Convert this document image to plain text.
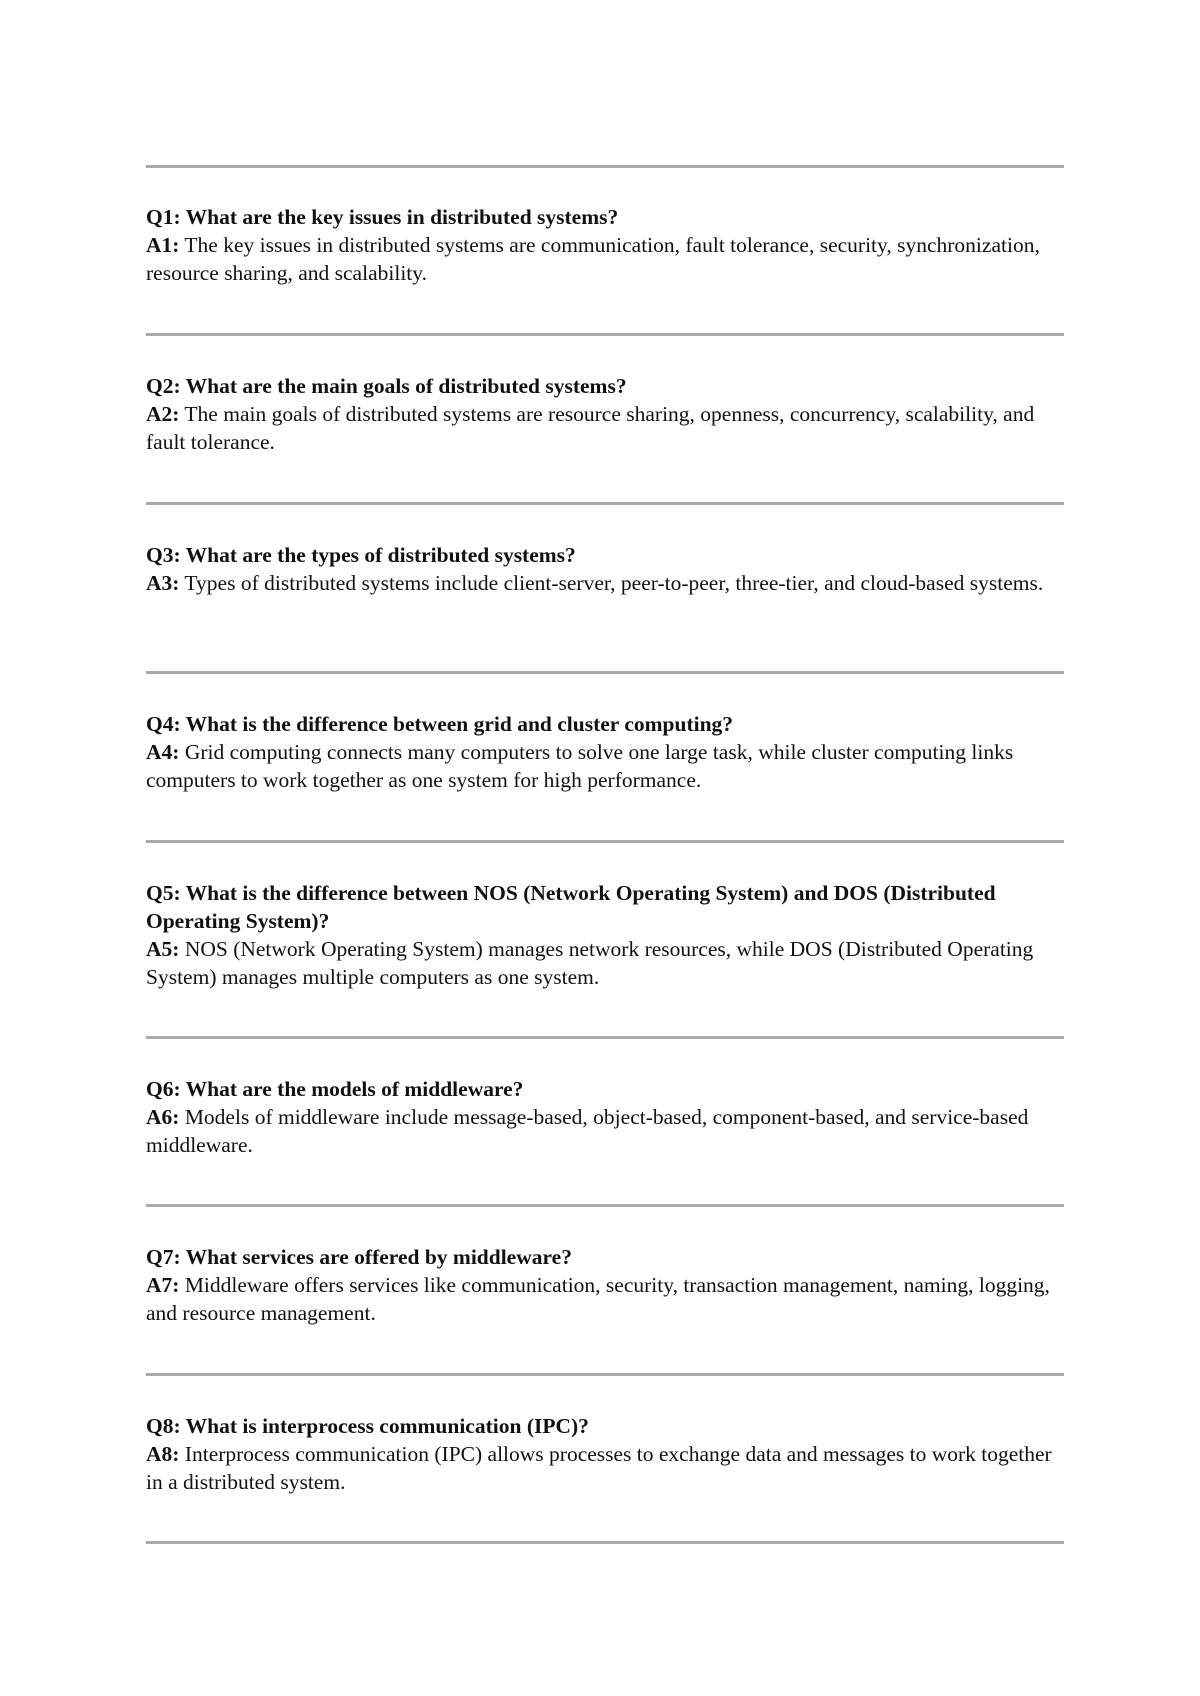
Q1: What are the key issues in distributed systems?

A1: The key issues in distributed systems are communication, fault tolerance, security, synchronization, resource sharing, and scalability.

Q2: What are the main goals of distributed systems?

A2: The main goals of distributed systems are resource sharing, openness, concurrency, scalability, and fault tolerance.

Q3: What are the types of distributed systems?

A3: Types of distributed systems include client-server, peer-to-peer, three-tier, and cloud-based systems.

Q4: What is the difference between grid and cluster computing?

A4: Grid computing connects many computers to solve one large task, while cluster computing links computers to work together as one system for high performance.

Q5: What is the difference between NOS (Network Operating System) and DOS (Distributed Operating System)?

A5: NOS (Network Operating System) manages network resources, while DOS (Distributed Operating System) manages multiple computers as one system.

Q6: What are the models of middleware?

A6: Models of middleware include message-based, object-based, component-based, and service-based middleware.

Q7: What services are offered by middleware?

A7: Middleware offers services like communication, security, transaction management, naming, logging, and resource management.

Q8: What is interprocess communication (IPC)?

A8: Interprocess communication (IPC) allows processes to exchange data and messages to work together in a distributed system.
